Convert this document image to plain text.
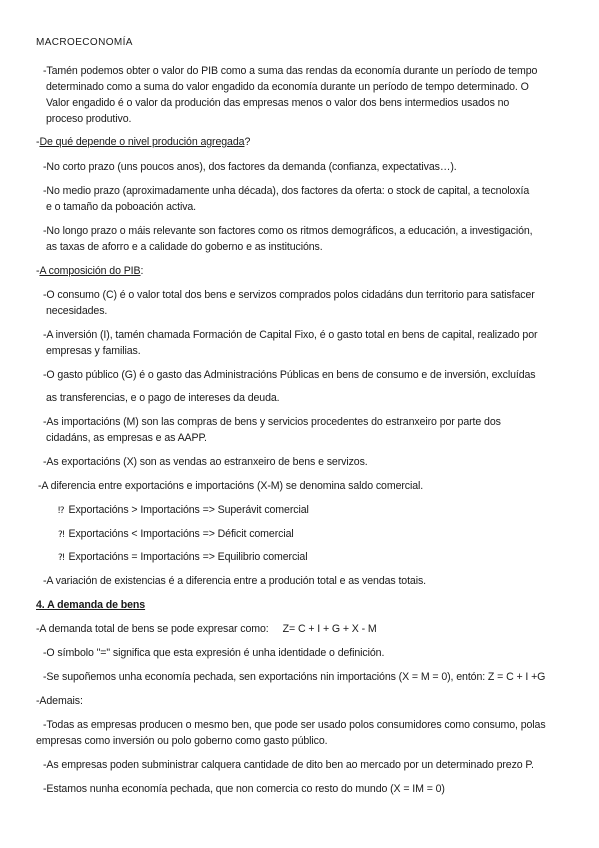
MACROECONOMÍA
-Tamén podemos obter o valor do PIB como a suma das rendas da economía durante un período de tempo
determinado como a suma do valor engadido da economía durante un período de tempo determinado. O
Valor engadido é o valor da produción das empresas menos o valor dos bens intermedios usados no
proceso produtivo.
-De qué depende o nivel produción agregada?
-No corto prazo (uns poucos anos), dos factores da demanda (confianza, expectativas…).
-No medio prazo (aproximadamente unha década), dos factores da oferta: o stock de capital, a tecnoloxía
e o tamaño da poboación activa.
-No longo prazo o máis relevante son factores como os ritmos demográficos, a educación, a investigación,
as taxas de aforro e a calidade do goberno e as institucións.
-A composición do PIB:
-O consumo (C) é o valor total dos bens e servizos comprados polos cidadáns dun territorio para satisfacer
necesidades.
-A inversión (I), tamén chamada Formación de Capital Fixo, é o gasto total en bens de capital, realizado por
empresas y familias.
-O gasto público (G) é o gasto das Administracións Públicas en bens de consumo e de inversión, excluídas
as transferencias, e o pago de intereses da deuda.
-As importacións (M) son las compras de bens y servicios procedentes do estranxeiro por parte dos
cidadáns, as empresas e as AAPP.
-As exportacións (X) son as vendas ao estranxeiro de bens e servizos.
-A diferencia entre exportacións e importacións (X-M) se denomina saldo comercial.
⁉ Exportacións > Importacións => Superávit comercial
⁈ Exportacións < Importacións => Déficit comercial
⁈ Exportacións = Importacións => Equilibrio comercial
-A variación de existencias é a diferencia entre a produción total e as vendas totais.
4. A demanda de bens
-A demanda total de bens se pode expresar como: Z= C + I + G + X - M
-O símbolo "=" significa que esta expresión é unha identidade o definición.
-Se supoñemos unha economía pechada, sen exportacións nin importacións (X = M = 0), entón: Z = C + I +G
-Ademais:
-Todas as empresas producen o mesmo ben, que pode ser usado polos consumidores como consumo, polas
empresas como inversión ou polo goberno como gasto público.
-As empresas poden subministrar calquera cantidade de dito ben ao mercado por un determinado prezo P.
-Estamos nunha economía pechada, que non comercia co resto do mundo (X = IM = 0)
